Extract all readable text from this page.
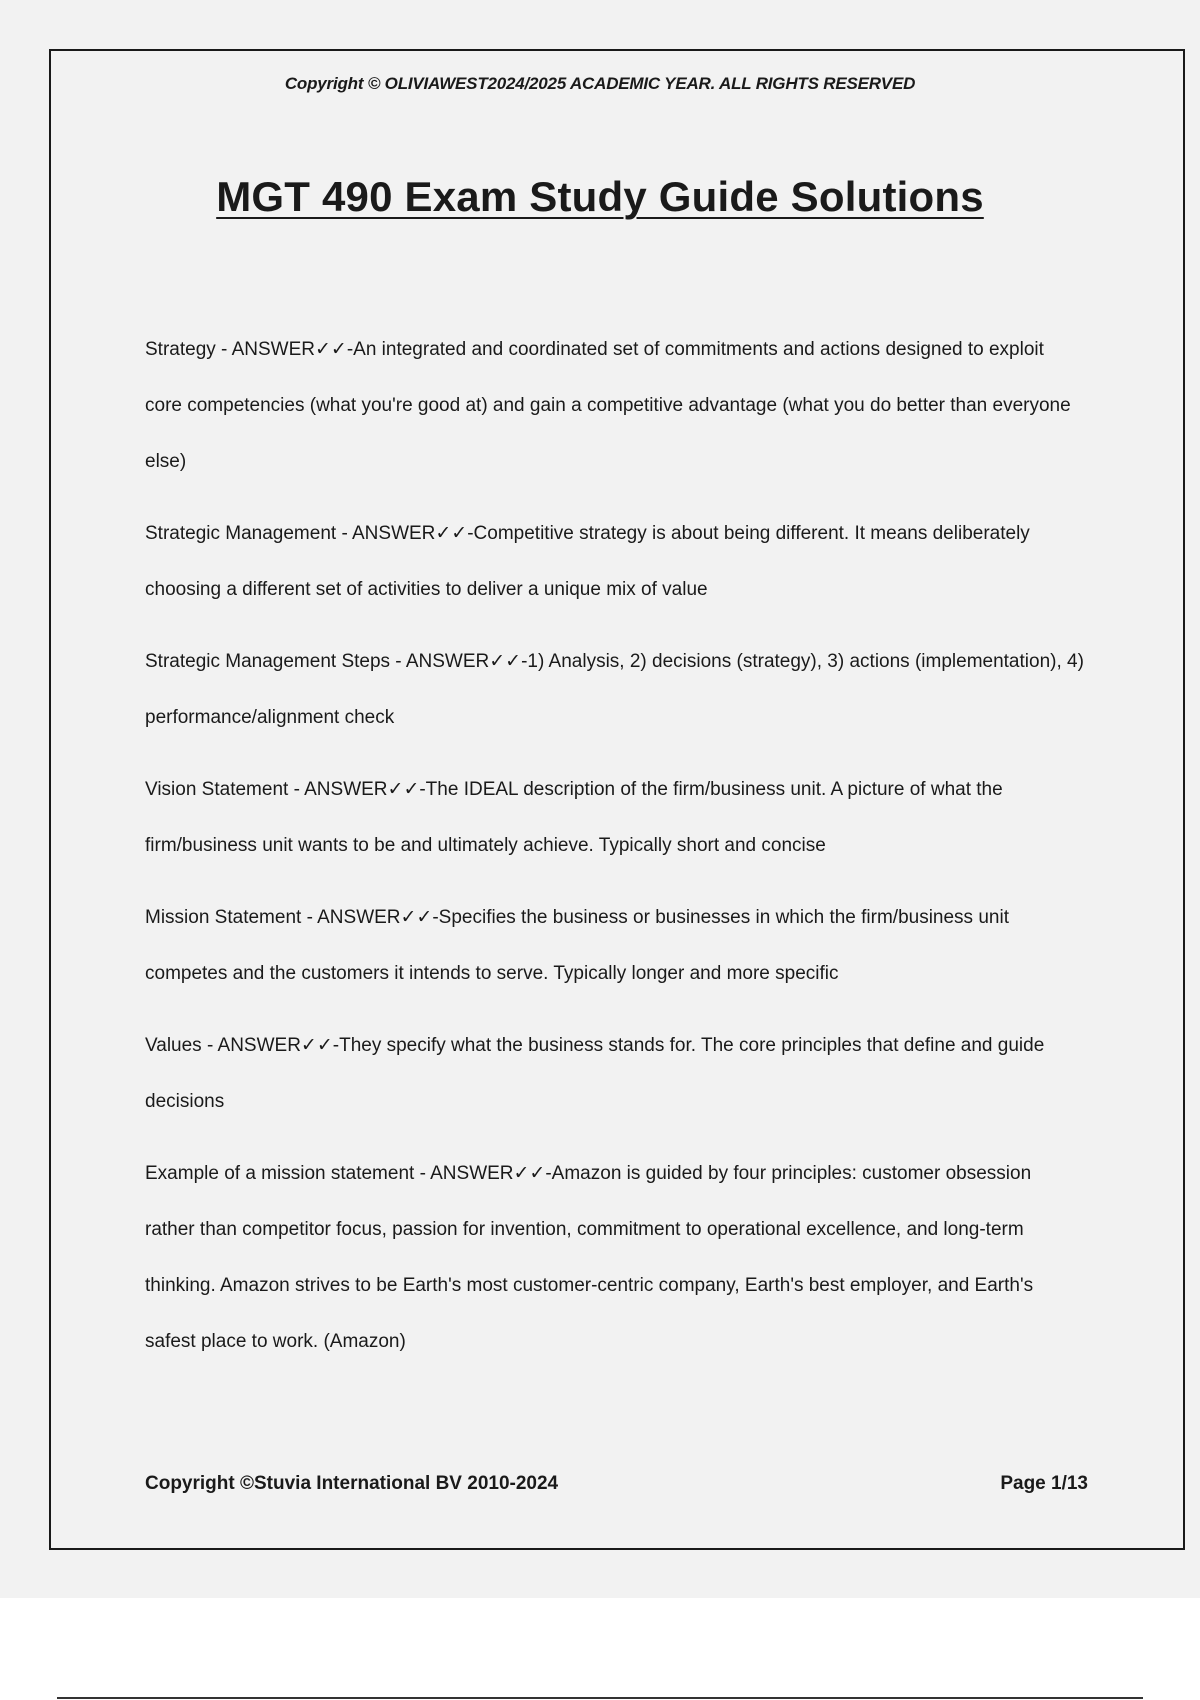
Copyright © OLIVIAWEST2024/2025 ACADEMIC YEAR. ALL RIGHTS RESERVED
MGT 490 Exam Study Guide Solutions

Strategy - ANSWER✓✓-An integrated and coordinated set of commitments and actions designed to exploit core competencies (what you're good at) and gain a competitive advantage (what you do better than everyone else)

Strategic Management - ANSWER✓✓-Competitive strategy is about being different. It means deliberately choosing a different set of activities to deliver a unique mix of value

Strategic Management Steps - ANSWER✓✓-1) Analysis, 2) decisions (strategy), 3) actions (implementation), 4) performance/alignment check

Vision Statement - ANSWER✓✓-The IDEAL description of the firm/business unit. A picture of what the firm/business unit wants to be and ultimately achieve. Typically short and concise

Mission Statement - ANSWER✓✓-Specifies the business or businesses in which the firm/business unit competes and the customers it intends to serve. Typically longer and more specific

Values - ANSWER✓✓-They specify what the business stands for. The core principles that define and guide decisions

Example of a mission statement - ANSWER✓✓-Amazon is guided by four principles: customer obsession rather than competitor focus, passion for invention, commitment to operational excellence, and long-term thinking. Amazon strives to be Earth's most customer-centric company, Earth's best employer, and Earth's safest place to work. (Amazon)

Copyright ©Stuvia International BV 2010-2024	Page 1/13
